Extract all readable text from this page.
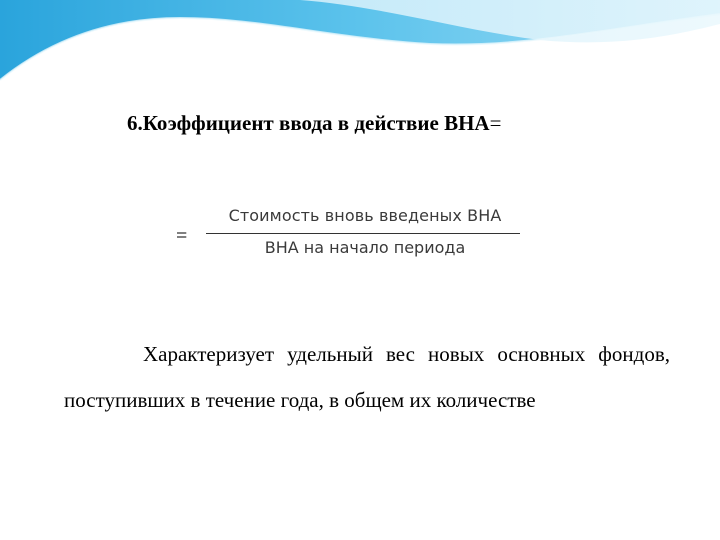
6.Коэффициент ввода в действие ВНА=
=
Стоимость вновь введеных ВНА
ВНА на начало периода

Характеризует удельный вес новых основных фондов, поступивших в течение года, в общем их количестве
